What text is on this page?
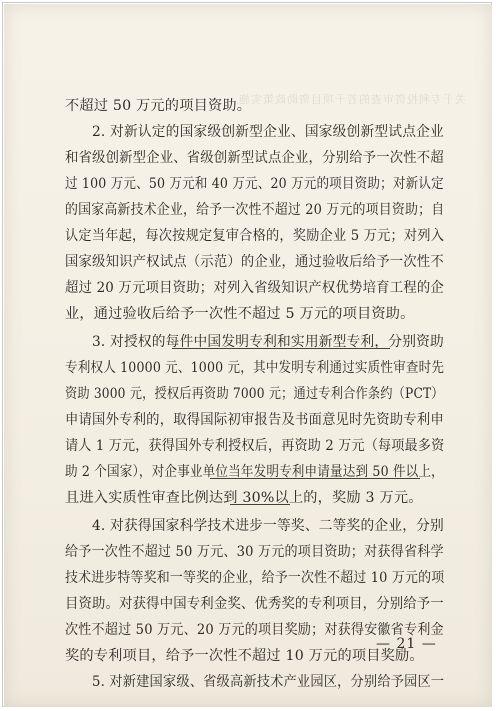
关于专利投资审查的若干项目资助政策实施
不超过 50 万元的项目资助。
2. 对新认定的国家级创新型企业、国家级创新型试点企业
和省级创新型企业、省级创新型试点企业，分别给予一次性不超
过 100 万元、50 万元和 40 万元、20 万元的项目资助；对新认定
的国家高新技术企业，给予一次性不超过 20 万元的项目资助；自
认定当年起，每次按规定复审合格的，奖励企业 5 万元；对列入
国家级知识产权试点（示范）的企业，通过验收后给予一次性不
超过 20 万元项目资助；对列入省级知识产权优势培育工程的企
业，通过验收后给予一次性不超过 5 万元的项目资助。
3. 对授权的每件中国发明专利和实用新型专利，分别资助
专利权人 10000 元、1000 元，其中发明专利通过实质性审查时先
资助 3000 元，授权后再资助 7000 元；通过专利合作条约（PCT）
申请国外专利的，取得国际初审报告及书面意见时先资助专利申
请人 1 万元，获得国外专利授权后，再资助 2 万元（每项最多资
助 2 个国家），对企事业单位当年发明专利申请量达到 50 件以上，
且进入实质性审查比例达到 30%以上的，奖励 3 万元。
4. 对获得国家科学技术进步一等奖、二等奖的企业，分别
给予一次性不超过 50 万元、30 万元的项目资助；对获得省科学
技术进步特等奖和一等奖的企业，给予一次性不超过 10 万元的项
目资助。对获得中国专利金奖、优秀奖的专利项目，分别给予一
次性不超过 50 万元、20 万元的项目奖励；对获得安徽省专利金
奖的专利项目，给予一次性不超过 10 万元的项目奖励。
5. 对新建国家级、省级高新技术产业园区，分别给予园区一
— 21 —
